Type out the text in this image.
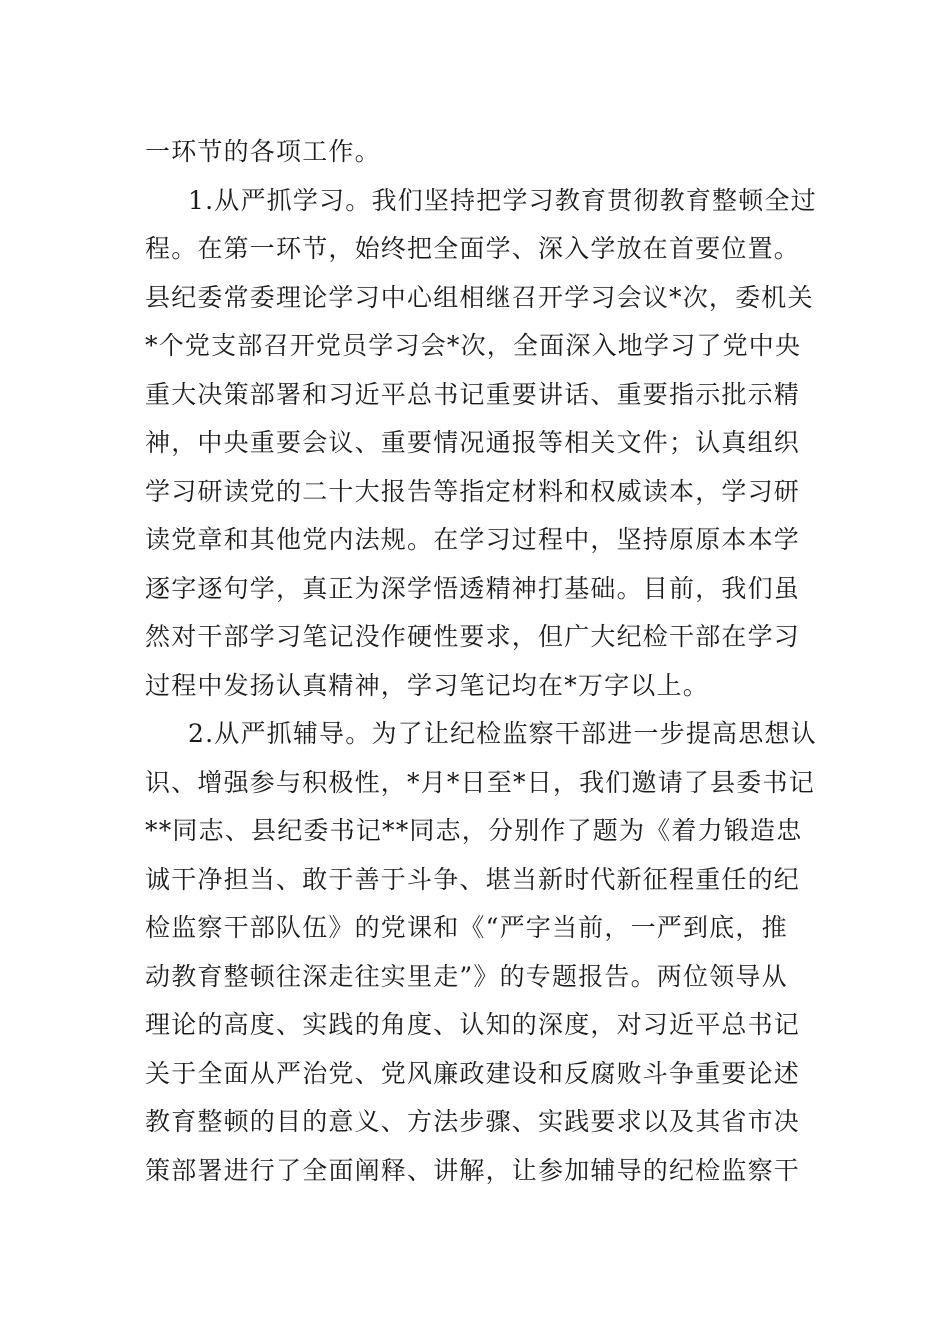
一环节的各项工作。
1.从严抓学习。我们坚持把学习教育贯彻教育整顿全过
程。在第一环节，始终把全面学、深入学放在首要位置。
县纪委常委理论学习中心组相继召开学习会议*次，委机关
*个党支部召开党员学习会*次，全面深入地学习了党中央
重大决策部署和习近平总书记重要讲话、重要指示批示精
神，中央重要会议、重要情况通报等相关文件；认真组织
学习研读党的二十大报告等指定材料和权威读本，学习研
读党章和其他党内法规。在学习过程中，坚持原原本本学
逐字逐句学，真正为深学悟透精神打基础。目前，我们虽
然对干部学习笔记没作硬性要求，但广大纪检干部在学习
过程中发扬认真精神，学习笔记均在*万字以上。
2.从严抓辅导。为了让纪检监察干部进一步提高思想认
识、增强参与积极性，*月*日至*日，我们邀请了县委书记
**同志、县纪委书记**同志，分别作了题为《着力锻造忠
诚干净担当、敢于善于斗争、堪当新时代新征程重任的纪
检监察干部队伍》的党课和《“严字当前，一严到底，推
动教育整顿往深走往实里走”》的专题报告。两位领导从
理论的高度、实践的角度、认知的深度，对习近平总书记
关于全面从严治党、党风廉政建设和反腐败斗争重要论述
教育整顿的目的意义、方法步骤、实践要求以及其省市决
策部署进行了全面阐释、讲解，让参加辅导的纪检监察干
